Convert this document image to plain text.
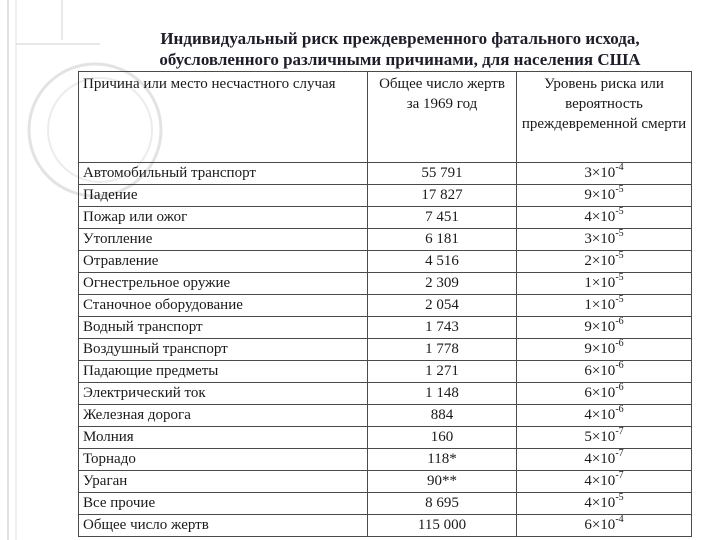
Индивидуальный риск преждевременного фатального исхода,
обусловленного различными причинами, для населения США
Причина или место несчастного случая	Общее число жертв за 1969 год	Уровень риска или вероятность преждевременной смерти
Автомобильный транспорт	55 791	$3\times 10^{-4}$
Падение	17 827	$9\times 10^{-5}$
Пожар или ожог	7 451	$4\times 10^{-5}$
Утопление	6 181	$3\times 10^{-5}$
Отравление	4 516	$2\times 10^{-5}$
Огнестрельное оружие	2 309	$1\times 10^{-5}$
Станочное оборудование	2 054	$1\times 10^{-5}$
Водный транспорт	1 743	$9\times 10^{-6}$
Воздушный транспорт	1 778	$9\times 10^{-6}$
Падающие предметы	1 271	$6\times 10^{-6}$
Электрический ток	1 148	$6\times 10^{-6}$
Железная дорога	884	$4\times 10^{-6}$
Молния	160	$5\times 10^{-7}$
Торнадо	118*	$4\times 10^{-7}$
Ураган	90**	$4\times 10^{-7}$
Все прочие	8 695	$4\times 10^{-5}$
Общее число жертв	115 000	$6\times 10^{-4}$
